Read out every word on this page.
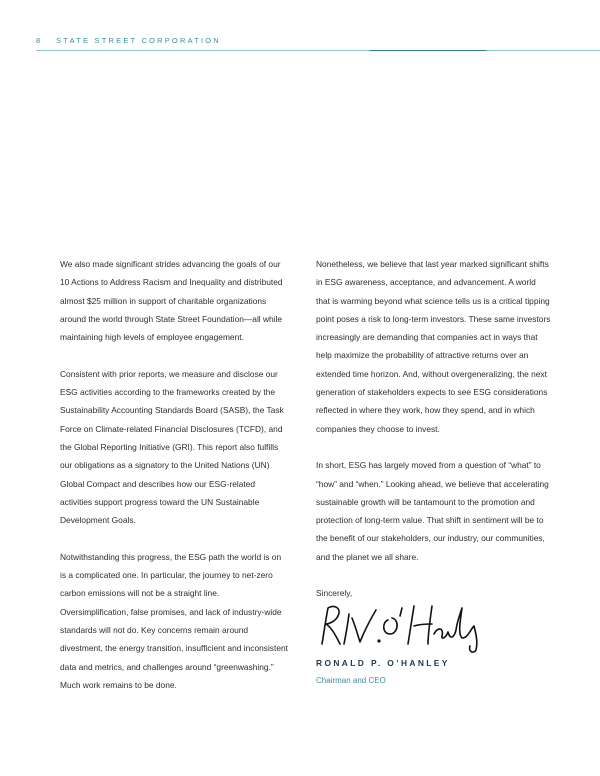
8 STATE STREET CORPORATION

We also made significant strides advancing the goals of our 10 Actions to Address Racism and Inequality and distributed almost $25 million in support of charitable organizations around the world through State Street Foundation—all while maintaining high levels of employee engagement.

Consistent with prior reports, we measure and disclose our ESG activities according to the frameworks created by the Sustainability Accounting Standards Board (SASB), the Task Force on Climate-related Financial Disclosures (TCFD), and the Global Reporting Initiative (GRI). This report also fulfills our obligations as a signatory to the United Nations (UN) Global Compact and describes how our ESG-related activities support progress toward the UN Sustainable Development Goals.

Notwithstanding this progress, the ESG path the world is on is a complicated one. In particular, the journey to net-zero carbon emissions will not be a straight line. Oversimplification, false promises, and lack of industry-wide standards will not do. Key concerns remain around divestment, the energy transition, insufficient and inconsistent data and metrics, and challenges around “greenwashing.” Much work remains to be done.

Nonetheless, we believe that last year marked significant shifts in ESG awareness, acceptance, and advancement. A world that is warming beyond what science tells us is a critical tipping point poses a risk to long-term investors. These same investors increasingly are demanding that companies act in ways that help maximize the probability of attractive returns over an extended time horizon. And, without overgeneralizing, the next generation of stakeholders expects to see ESG considerations reflected in where they work, how they spend, and in which companies they choose to invest.

In short, ESG has largely moved from a question of “what” to “how” and “when.” Looking ahead, we believe that accelerating sustainable growth will be tantamount to the promotion and protection of long-term value. That shift in sentiment will be to the benefit of our stakeholders, our industry, our communities, and the planet we all share.

Sincerely,

RONALD P. O’HANLEY
Chairman and CEO
